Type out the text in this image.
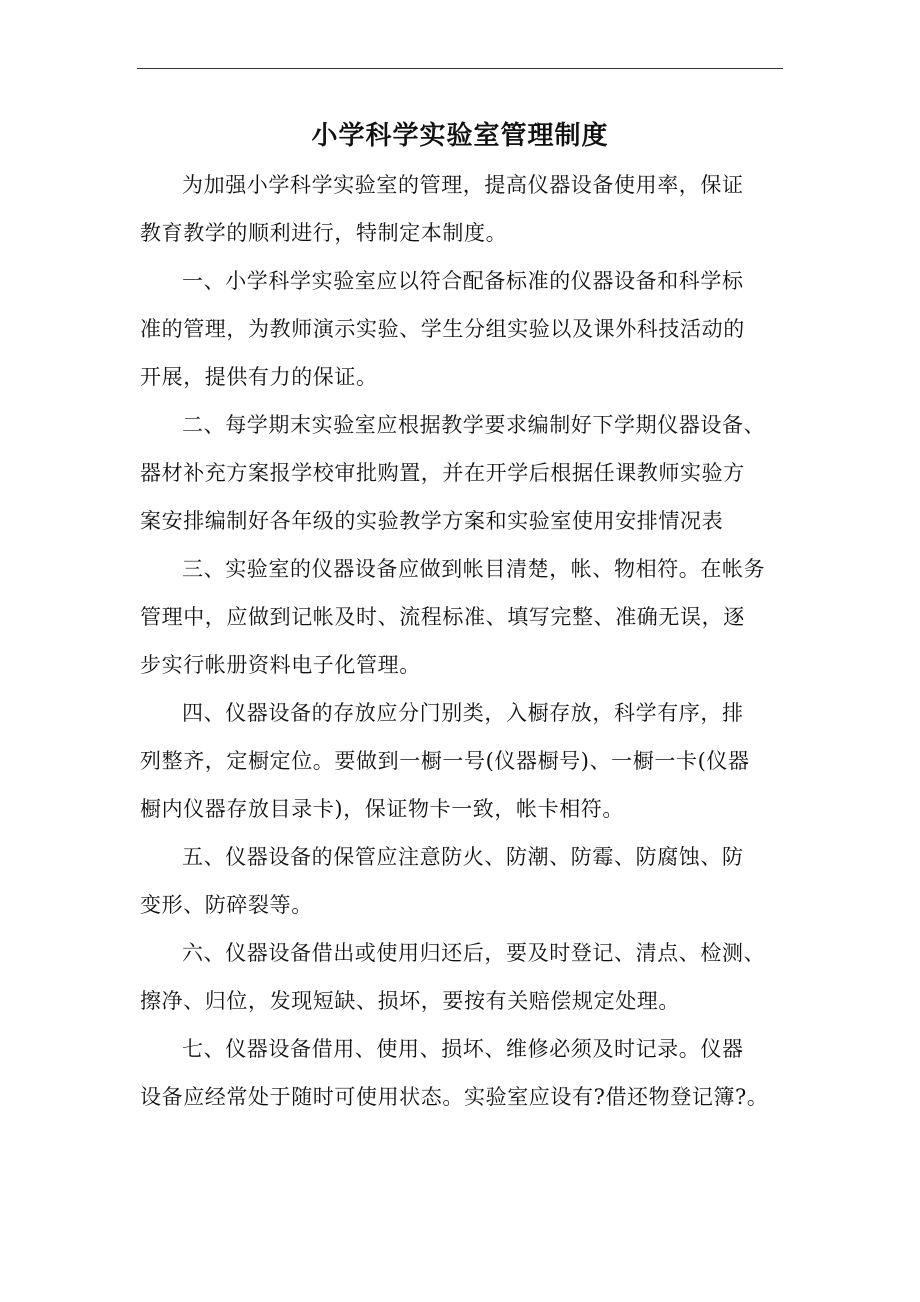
小学科学实验室管理制度
为加强小学科学实验室的管理，提高仪器设备使用率，保证
教育教学的顺利进行，特制定本制度。
一、小学科学实验室应以符合配备标准的仪器设备和科学标
准的管理，为教师演示实验、学生分组实验以及课外科技活动的
开展，提供有力的保证。
二、每学期末实验室应根据教学要求编制好下学期仪器设备、
器材补充方案报学校审批购置，并在开学后根据任课教师实验方
案安排编制好各年级的实验教学方案和实验室使用安排情况表
三、实验室的仪器设备应做到帐目清楚，帐、物相符。在帐务
管理中，应做到记帐及时、流程标准、填写完整、准确无误，逐
步实行帐册资料电子化管理。
四、仪器设备的存放应分门别类，入橱存放，科学有序，排
列整齐，定橱定位。要做到一橱一号(仪器橱号)、一橱一卡(仪器
橱内仪器存放目录卡)，保证物卡一致，帐卡相符。
五、仪器设备的保管应注意防火、防潮、防霉、防腐蚀、防
变形、防碎裂等。
六、仪器设备借出或使用归还后，要及时登记、清点、检测、
擦净、归位，发现短缺、损坏，要按有关赔偿规定处理。
七、仪器设备借用、使用、损坏、维修必须及时记录。仪器
设备应经常处于随时可使用状态。实验室应设有?借还物登记簿?。
